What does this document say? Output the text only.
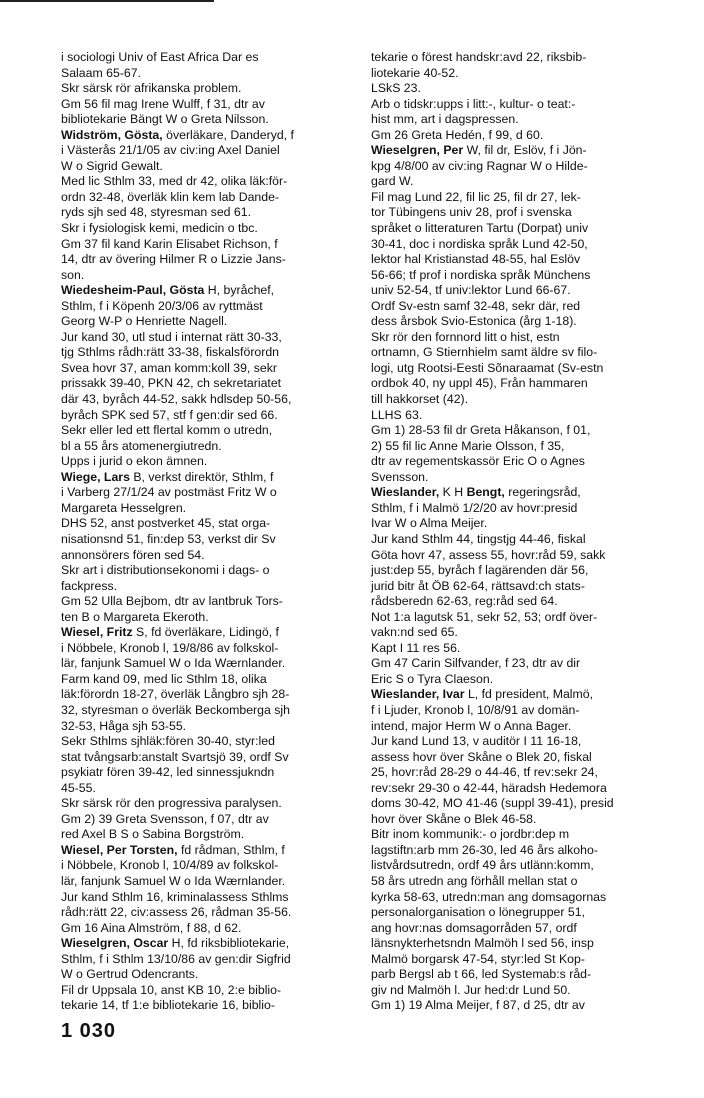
i sociologi Univ of East Africa Dar es

Salaam 65-67.

Skr särsk rör afrikanska problem.

Gm 56 fil mag Irene Wulff, f 31, dtr av

bibliotekarie Bängt W o Greta Nilsson.

Widström, Gösta, överläkare, Danderyd, f

i Västerås 21/1/05 av civ:ing Axel Daniel

W o Sigrid Gewalt.

Med lic Sthlm 33, med dr 42, olika läk:för-

ordn 32-48, överläk klin kem lab Dande-

ryds sjh sed 48, styresman sed 61.

Skr i fysiologisk kemi, medicin o tbc.

Gm 37 fil kand Karin Elisabet Richson, f

14, dtr av övering Hilmer R o Lizzie Jans-

son.

Wiedesheim-Paul, Gösta H, byråchef,

Sthlm, f i Köpenh 20/3/06 av ryttmäst

Georg W-P o Henriette Nagell.

Jur kand 30, utl stud i internat rätt 30-33,

tjg Sthlms rådh:rätt 33-38, fiskalsförordn

Svea hovr 37, aman komm:koll 39, sekr

prissakk 39-40, PKN 42, ch sekretariatet

där 43, byråch 44-52, sakk hdlsdep 50-56,

byråch SPK sed 57, stf f gen:dir sed 66.

Sekr eller led ett flertal komm o utredn,

bl a 55 års atomenergiutredn.

Upps i jurid o ekon ämnen.

Wiege, Lars B, verkst direktör, Sthlm, f

i Varberg 27/1/24 av postmäst Fritz W o

Margareta Hesselgren.

DHS 52, anst postverket 45, stat orga-

nisationsnd 51, fin:dep 53, verkst dir Sv

annonsörers fören sed 54.

Skr art i distributionsekonomi i dags- o

fackpress.

Gm 52 Ulla Bejbom, dtr av lantbruk Tors-

ten B o Margareta Ekeroth.

Wiesel, Fritz S, fd överläkare, Lidingö, f

i Nöbbele, Kronob l, 19/8/86 av folkskol-

lär, fanjunk Samuel W o Ida Wærnlander.

Farm kand 09, med lic Sthlm 18, olika

läk:förordn 18-27, överläk Långbro sjh 28-

32, styresman o överläk Beckomberga sjh

32-53, Håga sjh 53-55.

Sekr Sthlms sjhläk:fören 30-40, styr:led

stat tvångsarb:anstalt Svartsjö 39, ordf Sv

psykiatr fören 39-42, led sinnessjukndn

45-55.

Skr särsk rör den progressiva paralysen.

Gm 2) 39 Greta Svensson, f 07, dtr av

red Axel B S o Sabina Borgström.

Wiesel, Per Torsten, fd rådman, Sthlm, f

i Nöbbele, Kronob l, 10/4/89 av folkskol-

lär, fanjunk Samuel W o Ida Wærnlander.

Jur kand Sthlm 16, kriminalassess Sthlms

rådh:rätt 22, civ:assess 26, rådman 35-56.

Gm 16 Aina Almström, f 88, d 62.

Wieselgren, Oscar H, fd riksbibliotekarie,

Sthlm, f i Sthlm 13/10/86 av gen:dir Sigfrid

W o Gertrud Odencrants.

Fil dr Uppsala 10, anst KB 10, 2:e biblio-

tekarie 14, tf 1:e bibliotekarie 16, biblio-

tekarie o förest handskr:avd 22, riksbib-

liotekarie 40-52.

LSkS 23.

Arb o tidskr:upps i litt:-, kultur- o teat:-

hist mm, art i dagspressen.

Gm 26 Greta Hedén, f 99, d 60.

Wieselgren, Per W, fil dr, Eslöv, f i Jön-

kpg 4/8/00 av civ:ing Ragnar W o Hilde-

gard W.

Fil mag Lund 22, fil lic 25, fil dr 27, lek-

tor Tübingens univ 28, prof i svenska

språket o litteraturen Tartu (Dorpat) univ

30-41, doc i nordiska språk Lund 42-50,

lektor hal Kristianstad 48-55, hal Eslöv

56-66; tf prof i nordiska språk Münchens

univ 52-54, tf univ:lektor Lund 66-67.

Ordf Sv-estn samf 32-48, sekr där, red

dess årsbok Svio-Estonica (årg 1-18).

Skr rör den fornnord litt o hist, estn

ortnamn, G Stiernhielm samt äldre sv filo-

logi, utg Rootsi-Eesti Sõnaraamat (Sv-estn

ordbok 40, ny uppl 45), Från hammaren

till hakkorset (42).

LLHS 63.

Gm 1) 28-53 fil dr Greta Håkanson, f 01,

2) 55 fil lic Anne Marie Olsson, f 35,

dtr av regementskassör Eric O o Agnes

Svensson.

Wieslander, K H Bengt, regeringsråd,

Sthlm, f i Malmö 1/2/20 av hovr:presid

Ivar W o Alma Meijer.

Jur kand Sthlm 44, tingstjg 44-46, fiskal

Göta hovr 47, assess 55, hovr:råd 59, sakk

just:dep 55, byråch f lagärenden där 56,

jurid bitr åt ÖB 62-64, rättsavd:ch stats-

rådsberedn 62-63, reg:råd sed 64.

Not 1:a lagutsk 51, sekr 52, 53; ordf över-

vakn:nd sed 65.

Kapt I 11 res 56.

Gm 47 Carin Silfvander, f 23, dtr av dir

Eric S o Tyra Claeson.

Wieslander, Ivar L, fd president, Malmö,

f i Ljuder, Kronob l, 10/8/91 av domän-

intend, major Herm W o Anna Bager.

Jur kand Lund 13, v auditör I 11 16-18,

assess hovr över Skåne o Blek 20, fiskal

25, hovr:råd 28-29 o 44-46, tf rev:sekr 24,

rev:sekr 29-30 o 42-44, häradsh Hedemora

doms 30-42, MO 41-46 (suppl 39-41), presid

hovr över Skåne o Blek 46-58.

Bitr inom kommunik:- o jordbr:dep m

lagstiftn:arb mm 26-30, led 46 års alkoho-

listvårdsutredn, ordf 49 års utlänn:komm,

58 års utredn ang förhåll mellan stat o

kyrka 58-63, utredn:man ang domsagornas

personalorganisation o lönegrupper 51,

ang hovr:nas domsagorråden 57, ordf

länsnykterhetsndn Malmöh l sed 56, insp

Malmö borgarsk 47-54, styr:led St Kop-

parb Bergsl ab t 66, led Systemab:s råd-

giv nd Malmöh l. Jur hed:dr Lund 50.

Gm 1) 19 Alma Meijer, f 87, d 25, dtr av

1 030
